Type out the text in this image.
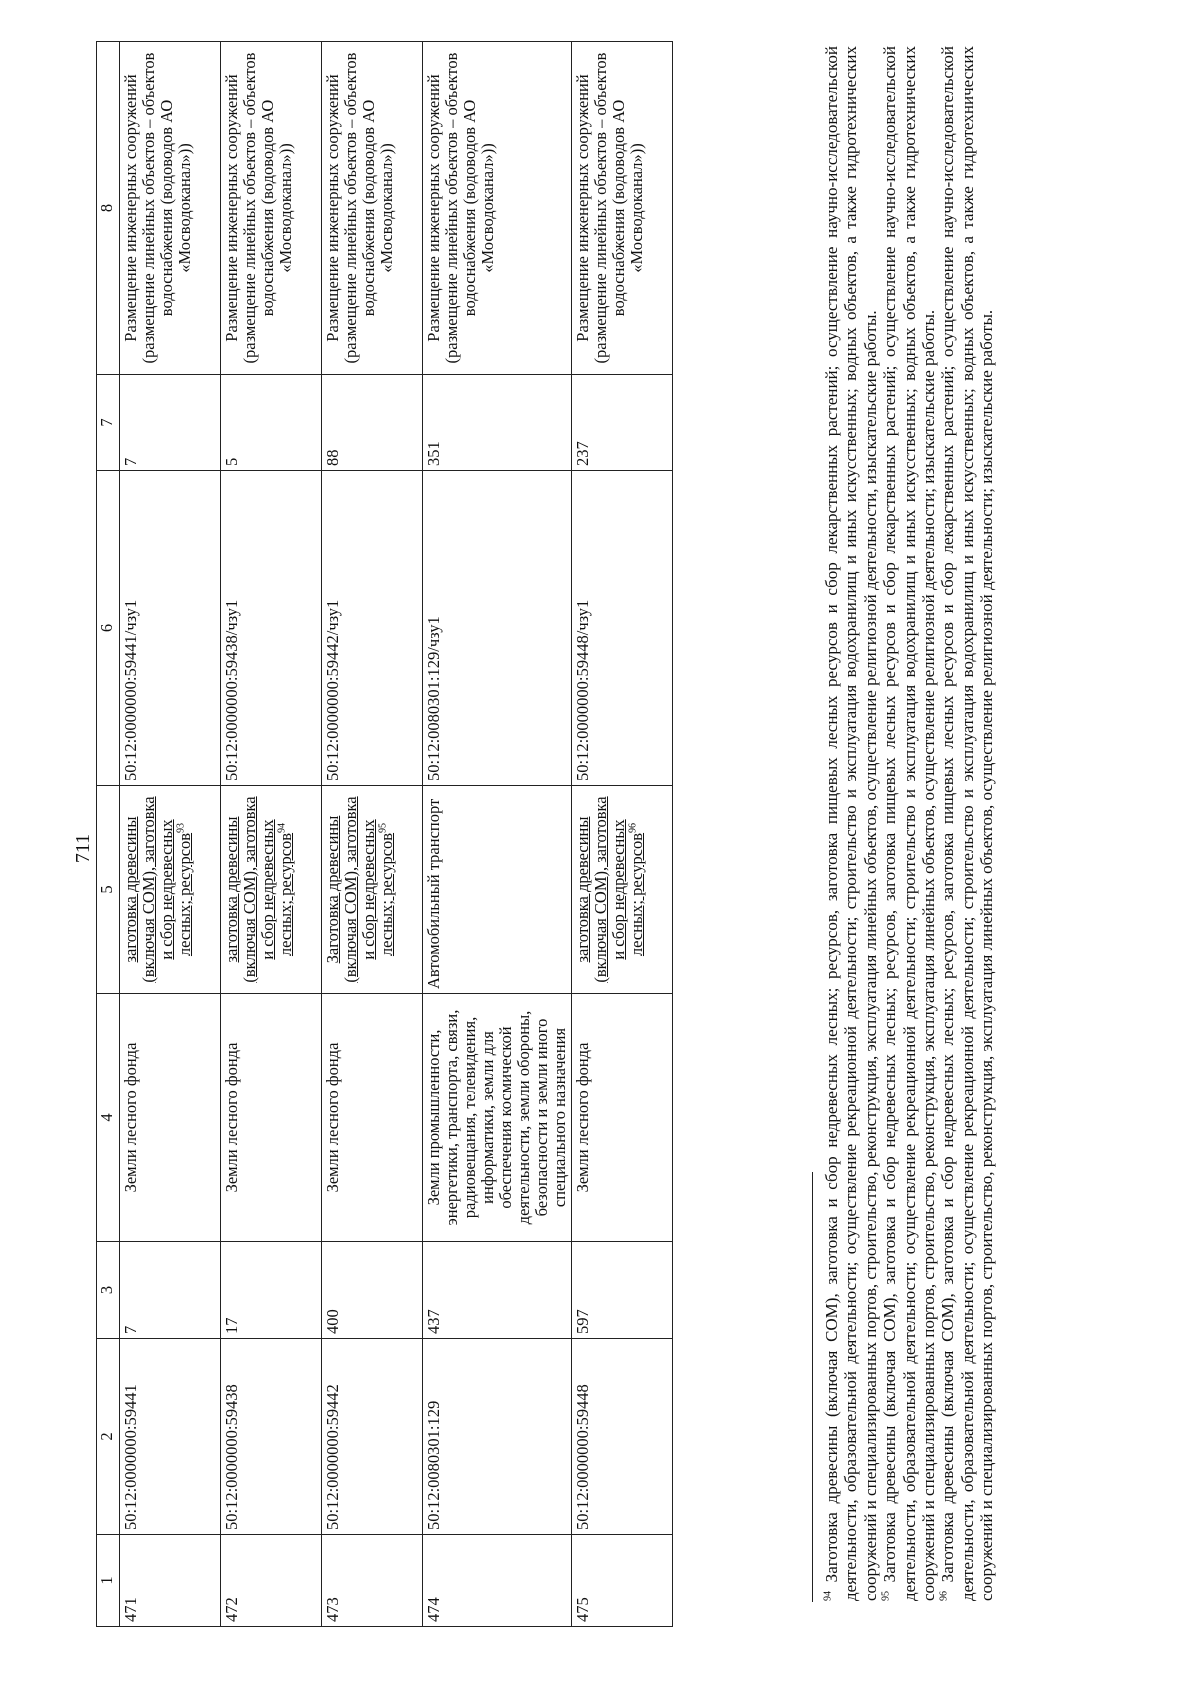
711
1	2	3	4	5	6	7	8
471	50:12:0000000:59441	7	Земли лесного фонда	заготовка древесины (включая СОМ), заготовка и сбор недревесных лесных; ресурсов$^{93}$	50:12:0000000:59441/чзу1	7	Размещение инженерных сооружений (размещение линейных объектов – объектов водоснабжения (водоводов АО «Мосводоканал»))
472	50:12:0000000:59438	17	Земли лесного фонда	заготовка древесины (включая СОМ), заготовка и сбор недревесных лесных; ресурсов$^{94}$	50:12:0000000:59438/чзу1	5	Размещение инженерных сооружений (размещение линейных объектов – объектов водоснабжения (водоводов АО «Мосводоканал»))
473	50:12:0000000:59442	400	Земли лесного фонда	Заготовка древесины (включая СОМ), заготовка и сбор недревесных лесных; ресурсов$^{95}$	50:12:0000000:59442/чзу1	88	Размещение инженерных сооружений (размещение линейных объектов – объектов водоснабжения (водоводов АО «Мосводоканал»))
474	50:12:0080301:129	437	Земли промышленности, энергетики, транспорта, связи, радиовещания, телевидения, информатики, земли для обеспечения космической деятельности, земли обороны, безопасности и земли иного специального назначения	Автомобильный транспорт	50:12:0080301:129/чзу1	351	Размещение инженерных сооружений (размещение линейных объектов – объектов водоснабжения (водоводов АО «Мосводоканал»))
475	50:12:0000000:59448	597	Земли лесного фонда	заготовка древесины (включая СОМ), заготовка и сбор недревесных лесных; ресурсов$^{96}$	50:12:0000000:59448/чзу1	237	Размещение инженерных сооружений (размещение линейных объектов – объектов водоснабжения (водоводов АО «Мосводоканал»))

$^{94}$ Заготовка древесины (включая СОМ), заготовка и сбор недревесных лесных; ресурсов, заготовка пищевых лесных ресурсов и сбор лекарственных растений; осуществление научно-исследовательской деятельности, образовательной деятельности; осуществление рекреационной деятельности; строительство и эксплуатация водохранилищ и иных искусственных; водных объектов, а также гидротехнических сооружений и специализированных портов, строительство, реконструкция, эксплуатация линейных объектов, осуществление религиозной деятельности, изыскательские работы. $^{95}$ Заготовка древесины (включая СОМ), заготовка и сбор недревесных лесных; ресурсов, заготовка пищевых лесных ресурсов и сбор лекарственных растений; осуществление научно-исследовательской деятельности, образовательной деятельности; осуществление рекреационной деятельности; строительство и эксплуатация водохранилищ и иных искусственных; водных объектов, а также гидротехнических сооружений и специализированных портов, строительство, реконструкция, эксплуатация линейных объектов, осуществление религиозной деятельности; изыскательские работы. $^{96}$ Заготовка древесины (включая СОМ), заготовка и сбор недревесных лесных; ресурсов, заготовка пищевых лесных ресурсов и сбор лекарственных растений; осуществление научно-исследовательской деятельности, образовательной деятельности; осуществление рекреационной деятельности; строительство и эксплуатация водохранилищ и иных искусственных; водных объектов, а также гидротехнических сооружений и специализированных портов, строительство, реконструкция, эксплуатация линейных объектов, осуществление религиозной деятельности; изыскательские работы.
